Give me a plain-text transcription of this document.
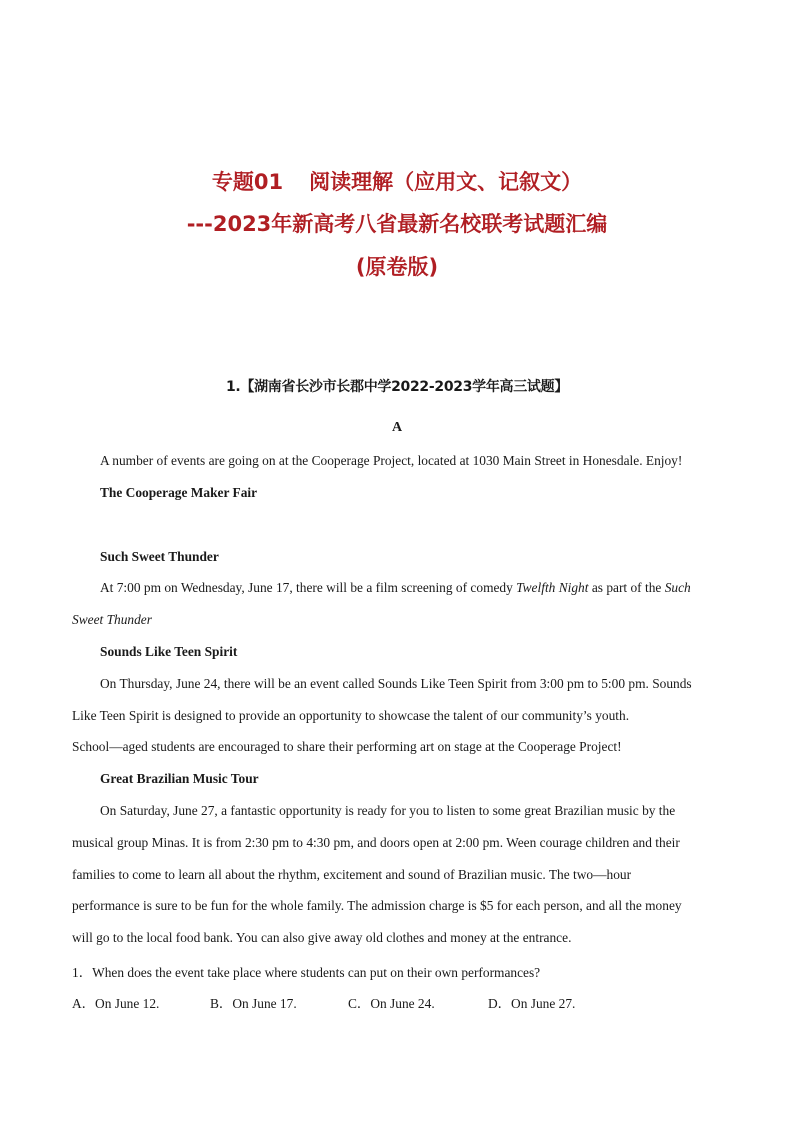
专题01 阅读理解（应用文、记叙文）
---2023年新高考八省最新名校联考试题汇编
(原卷版)
1.【湖南省长沙市长郡中学2022-2023学年高三试题】
A
A number of events are going on at the Cooperage Project, located at 1030 Main Street in Honesdale. Enjoy!
The Cooperage Maker Fair
Such Sweet Thunder
At 7:00 pm on Wednesday, June 17, there will be a film screening of comedy Twelfth Night as part of the Such
Sweet Thunder
Sounds Like Teen Spirit
On Thursday, June 24, there will be an event called Sounds Like Teen Spirit from 3:00 pm to 5:00 pm. Sounds
Like Teen Spirit is designed to provide an opportunity to showcase the talent of our community’s youth.
School—aged students are encouraged to share their performing art on stage at the Cooperage Project!
Great Brazilian Music Tour
On Saturday, June 27, a fantastic opportunity is ready for you to listen to some great Brazilian music by the
musical group Minas. It is from 2:30 pm to 4:30 pm, and doors open at 2:00 pm. Ween courage children and their
families to come to learn all about the rhythm, excitement and sound of Brazilian music. The two—hour
performance is sure to be fun for the whole family. The admission charge is $5 for each person, and all the money
will go to the local food bank. You can also give away old clothes and money at the entrance.
1．When does the event take place where students can put on their own performances?
A．On June 12.	B．On June 17.	C．On June 24.	D．On June 27.
